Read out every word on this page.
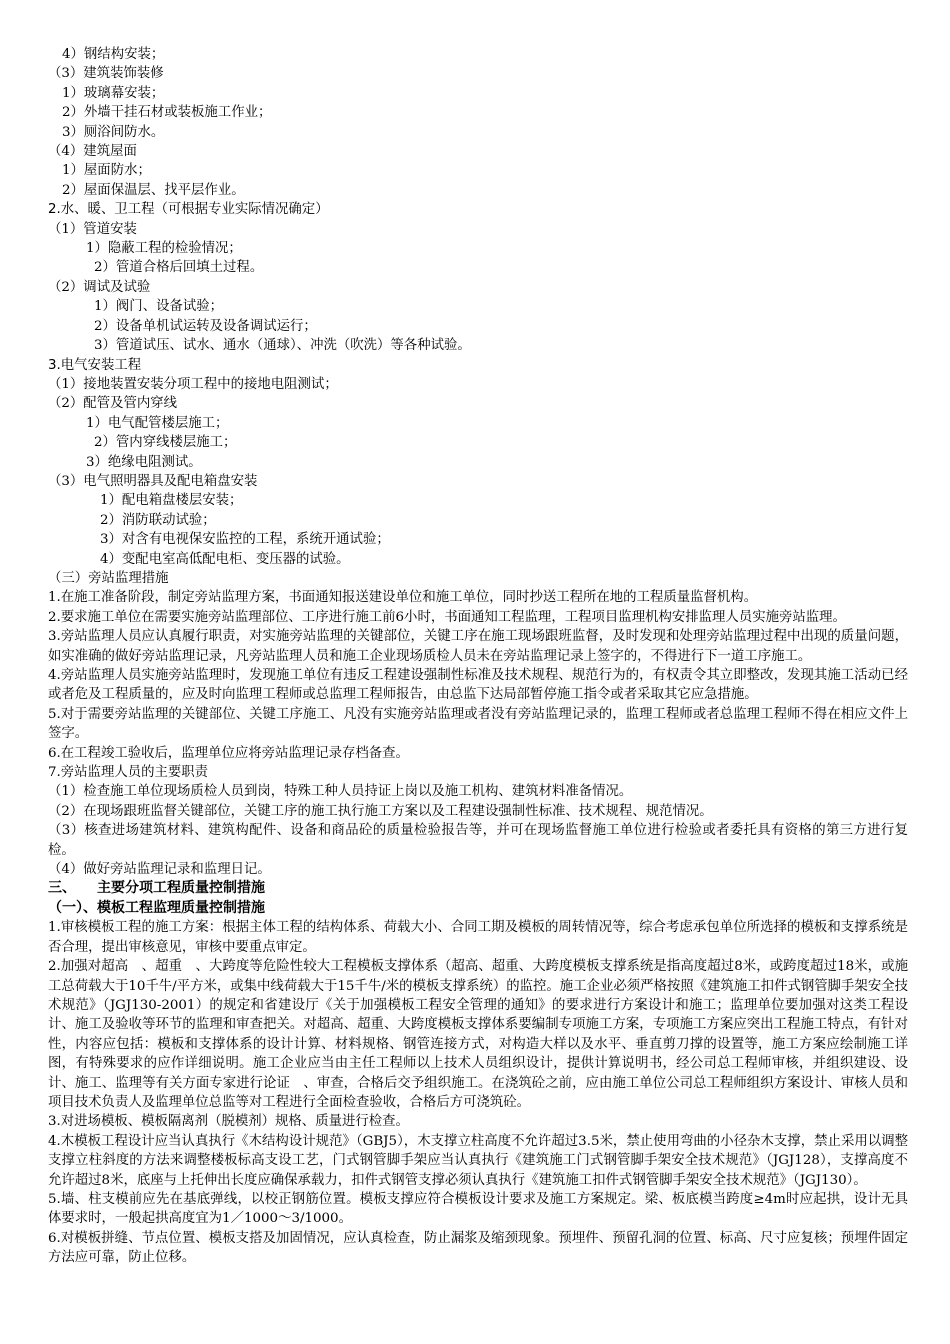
4）钢结构安装；
（3）建筑装饰装修
1）玻璃幕安装；
2）外墙干挂石材或装板施工作业；
3）厕浴间防水。
（4）建筑屋面
1）屋面防水；
2）屋面保温层、找平层作业。
2.水、暖、卫工程（可根据专业实际情况确定）
（1）管道安装
1）隐蔽工程的检验情况；
2）管道合格后回填土过程。
（2）调试及试验
1）阀门、设备试验；
2）设备单机试运转及设备调试运行；
3）管道试压、试水、通水（通球）、冲洗（吹洗）等各种试验。
3.电气安装工程
（1）接地装置安装分项工程中的接地电阻测试；
（2）配管及管内穿线
1）电气配管楼层施工；
2）管内穿线楼层施工；
3）绝缘电阻测试。
（3）电气照明器具及配电箱盘安装
1）配电箱盘楼层安装；
2）消防联动试验；
3）对含有电视保安监控的工程，系统开通试验；
4）变配电室高低配电柜、变压器的试验。
（三）旁站监理措施
1.在施工准备阶段，制定旁站监理方案，书面通知报送建设单位和施工单位，同时抄送工程所在地的工程质量监督机构。
2.要求施工单位在需要实施旁站监理部位、工序进行施工前6小时，书面通知工程监理，工程项目监理机构安排监理人员实施旁站监理。
3.旁站监理人员应认真履行职责，对实施旁站监理的关键部位，关键工序在施工现场跟班监督，及时发现和处理旁站监理过程中出现的质量问题，如实准确的做好旁站监理记录，凡旁站监理人员和施工企业现场质检人员未在旁站监理记录上签字的，不得进行下一道工序施工。
4.旁站监理人员实施旁站监理时，发现施工单位有违反工程建设强制性标准及技术规程、规范行为的，有权责令其立即整改，发现其施工活动已经或者危及工程质量的，应及时向监理工程师或总监理工程师报告，由总监下达局部暂停施工指令或者采取其它应急措施。
5.对于需要旁站监理的关键部位、关键工序施工、凡没有实施旁站监理或者没有旁站监理记录的，监理工程师或者总监理工程师不得在相应文件上签字。
6.在工程竣工验收后，监理单位应将旁站监理记录存档备查。
7.旁站监理人员的主要职责
（1）检查施工单位现场质检人员到岗，特殊工种人员持证上岗以及施工机构、建筑材料准备情况。
（2）在现场跟班监督关键部位，关键工序的施工执行施工方案以及工程建设强制性标准、技术规程、规范情况。
（3）核查进场建筑材料、建筑构配件、设备和商品砼的质量检验报告等，并可在现场监督施工单位进行检验或者委托具有资格的第三方进行复检。
（4）做好旁站监理记录和监理日记。
三、　　主要分项工程质量控制措施
（一）、模板工程监理质量控制措施
1.审核模板工程的施工方案：根据主体工程的结构体系、荷载大小、合同工期及模板的周转情况等，综合考虑承包单位所选择的模板和支撑系统是否合理，提出审核意见，审核中要重点审定。
2.加强对超高　、超重　、大跨度等危险性较大工程模板支撑体系（超高、超重、大跨度模板支撑系统是指高度超过8米，或跨度超过18米，或施工总荷载大于10千牛/平方米，或集中线荷载大于15千牛/米的模板支撑系统）的监控。施工企业必须严格按照《建筑施工扣件式钢管脚手架安全技术规范》（JGJ130-2001）的规定和省建设厅《关于加强模板工程安全管理的通知》的要求进行方案设计和施工；监理单位要加强对这类工程设计、施工及验收等环节的监理和审查把关。对超高、超重、大跨度模板支撑体系要编制专项施工方案，专项施工方案应突出工程施工特点，有针对性，内容应包括：模板和支撑体系的设计计算、材料规格、钢管连接方式，对构造大样以及水平、垂直剪刀撑的设置等，施工方案应绘制施工详图，有特殊要求的应作详细说明。施工企业应当由主任工程师以上技术人员组织设计，提供计算说明书，经公司总工程师审核，并组织建设、设计、施工、监理等有关方面专家进行论证　、审查，合格后交予组织施工。在浇筑砼之前，应由施工单位公司总工程师组织方案设计、审核人员和项目技术负责人及监理单位总监等对工程进行全面检查验收，合格后方可浇筑砼。
3.对进场模板、模板隔离剂（脱模剂）规格、质量进行检查。
4.木模板工程设计应当认真执行《木结构设计规范》（GBJ5），木支撑立柱高度不允许超过3.5米，禁止使用弯曲的小径杂木支撑，禁止采用以调整支撑立柱斜度的方法来调整楼板标高支设工艺，门式钢管脚手架应当认真执行《建筑施工门式钢管脚手架安全技术规范》（JGJ128），支撑高度不允许超过8米，底座与上托伸出长度应确保承载力，扣件式钢管支撑必须认真执行《建筑施工扣件式钢管脚手架安全技术规范》（JGJ130）。
5.墙、柱支模前应先在基底弹线，以校正钢筋位置。模板支撑应符合模板设计要求及施工方案规定。梁、板底模当跨度≥4m时应起拱，设计无具体要求时，一般起拱高度宜为1／1000～3/1000。
6.对模板拼缝、节点位置、模板支搭及加固情况，应认真检查，防止漏浆及缩颈现象。预埋件、预留孔洞的位置、标高、尺寸应复核；预埋件固定方法应可靠，防止位移。
